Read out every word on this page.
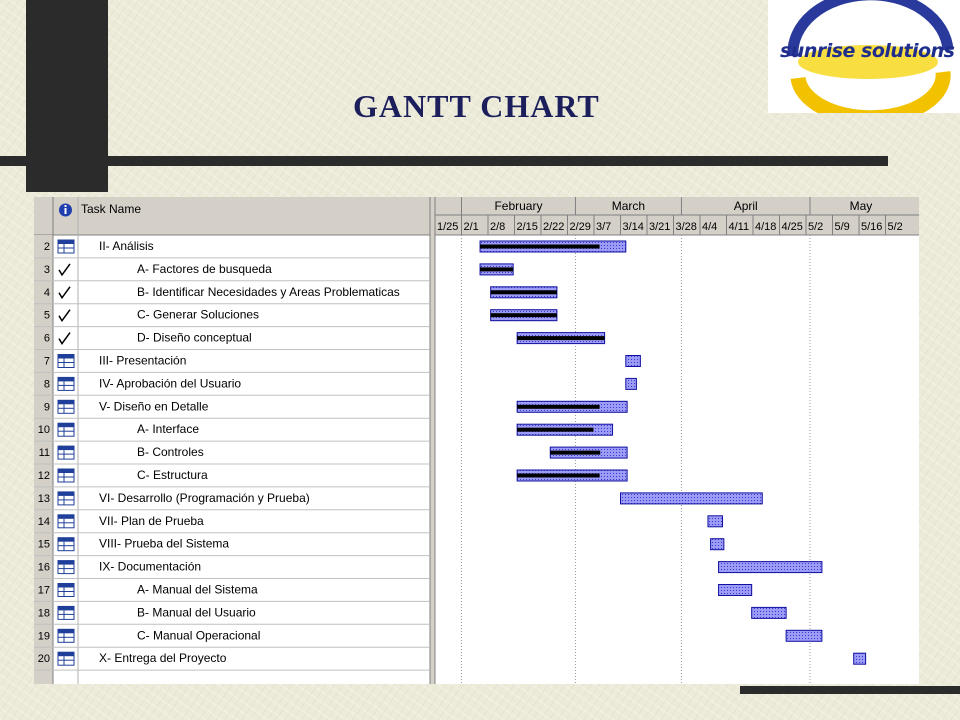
sunrise solutions
GANTT CHART
Task Name	February	March	April	May
1/25 2/1 2/8 2/15 2/22 2/29 3/7 3/14 3/21 3/28 4/4 4/11 4/18 4/25 5/2 5/9 5/16 5/2
2	II- Análisis
3	A- Factores de busqueda
4	B- Identificar Necesidades y Areas Problematicas
5	C- Generar Soluciones
6	D- Diseño conceptual
7	III- Presentación
8	IV- Aprobación del Usuario
9	V- Diseño en Detalle
10	A- Interface
11	B- Controles
12	C- Estructura
13	VI- Desarrollo (Programación y Prueba)
14	VII- Plan de Prueba
15	VIII- Prueba del Sistema
16	IX- Documentación
17	A- Manual del Sistema
18	B- Manual del Usuario
19	C- Manual Operacional
20	X- Entrega del Proyecto
